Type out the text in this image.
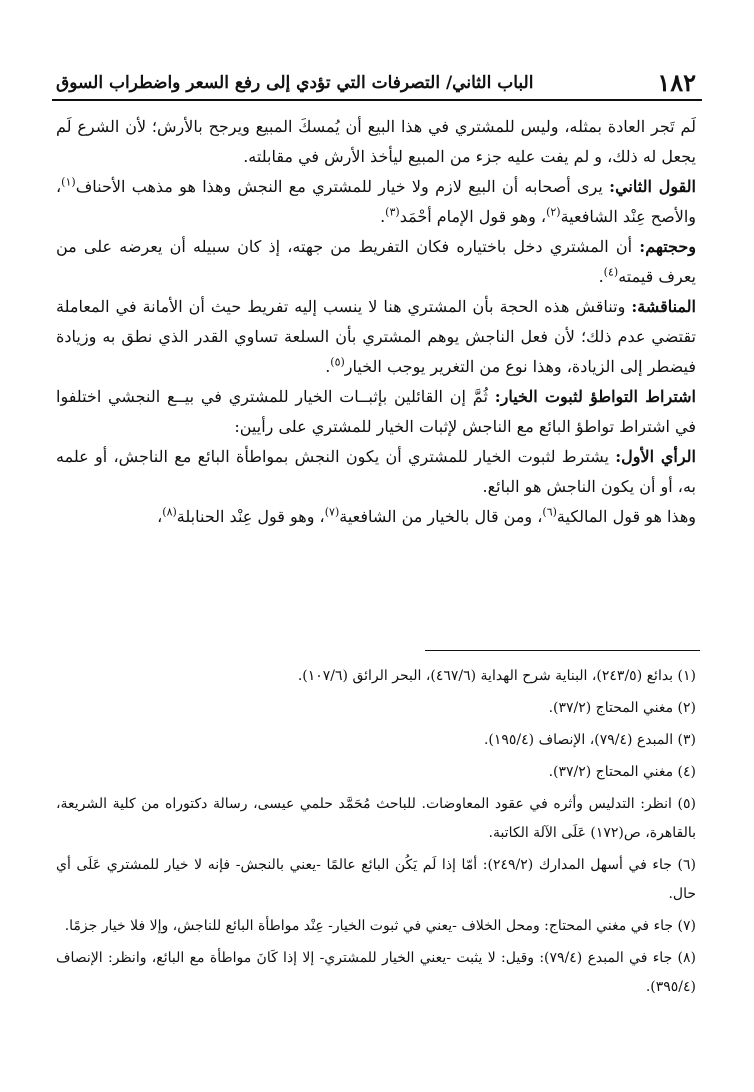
١٨٢
الباب الثاني/ التصرفات التي تؤدي إلى رفع السعر واضطراب السوق

لَم تَجر العادة بمثله، وليس للمشتري في هذا البيع أن يُمسكَ المبيع ويرجح بالأرش؛ لأن الشرع لَم يجعل له ذلك، و لم يفت عليه جزء من المبيع ليأخذ الأرش في مقابلته.

القول الثاني: يرى أصحابه أن البيع لازم ولا خيار للمشتري مع النجش وهذا هو مذهب الأحناف$^{(١)}$، والأصح عِنْد الشافعية$^{(٢)}$، وهو قول الإمام أحْمَد$^{(٣)}$.

وحجتهم: أن المشتري دخل باختياره فكان التفريط من جهته، إذ كان سبيله أن يعرضه على من يعرف قيمته$^{(٤)}$.

المناقشة: وتناقش هذه الحجة بأن المشتري هنا لا ينسب إليه تفريط حيث أن الأمانة في المعاملة تقتضي عدم ذلك؛ لأن فعل الناجش يوهم المشتري بأن السلعة تساوي القدر الذي نطق به وزيادة فيضطر إلى الزيادة، وهذا نوع من التغرير يوجب الخيار$^{(٥)}$.

اشتراط التواطؤ لثبوت الخيار: ثُمَّ إن القائلين بإثبــات الخيار للمشتري في بيــع النجشي اختلفوا في اشتراط تواطؤ البائع مع الناجش لإثبات الخيار للمشتري على رأيين:

الرأي الأول: يشترط لثبوت الخيار للمشتري أن يكون النجش بمواطأة البائع مع الناجش، أو علمه به، أو أن يكون الناجش هو البائع.

وهذا هو قول المالكية$^{(٦)}$، ومن قال بالخيار من الشافعية$^{(٧)}$، وهو قول عِنْد الحنابلة$^{(٨)}$،

(١) بدائع (٢٤٣/٥)، البناية شرح الهداية (٤٦٧/٦)، البحر الرائق (١٠٧/٦).

(٢) مغني المحتاج (٣٧/٢).

(٣) المبدع (٧٩/٤)، الإنصاف (١٩٥/٤).

(٤) مغني المحتاج (٣٧/٢).

(٥) انظر: التدليس وأثره في عقود المعاوضات. للباحث مُحَمَّد حلمي عيسى، رسالة دكتوراه من كلية الشريعة، بالقاهرة، ص(١٧٢) عَلَى الآلة الكاتبة.

(٦) جاء في أسهل المدارك (٢٤٩/٢): أمّا إذا لَم يَكُن البائع عالمًا -يعني بالنجش- فإنه لا خيار للمشتري عَلَى أي حال.

(٧) جاء في مغني المحتاج: ومحل الخلاف -يعني في ثبوت الخيار- عِنْد مواطأة البائع للناجش، وإلا فلا خيار جزمًا.

(٨) جاء في المبدع (٧٩/٤): وقيل: لا يثبت -يعني الخيار للمشتري- إلا إذا كَانَ مواطأة مع البائع، وانظر: الإنصاف (٣٩٥/٤).
